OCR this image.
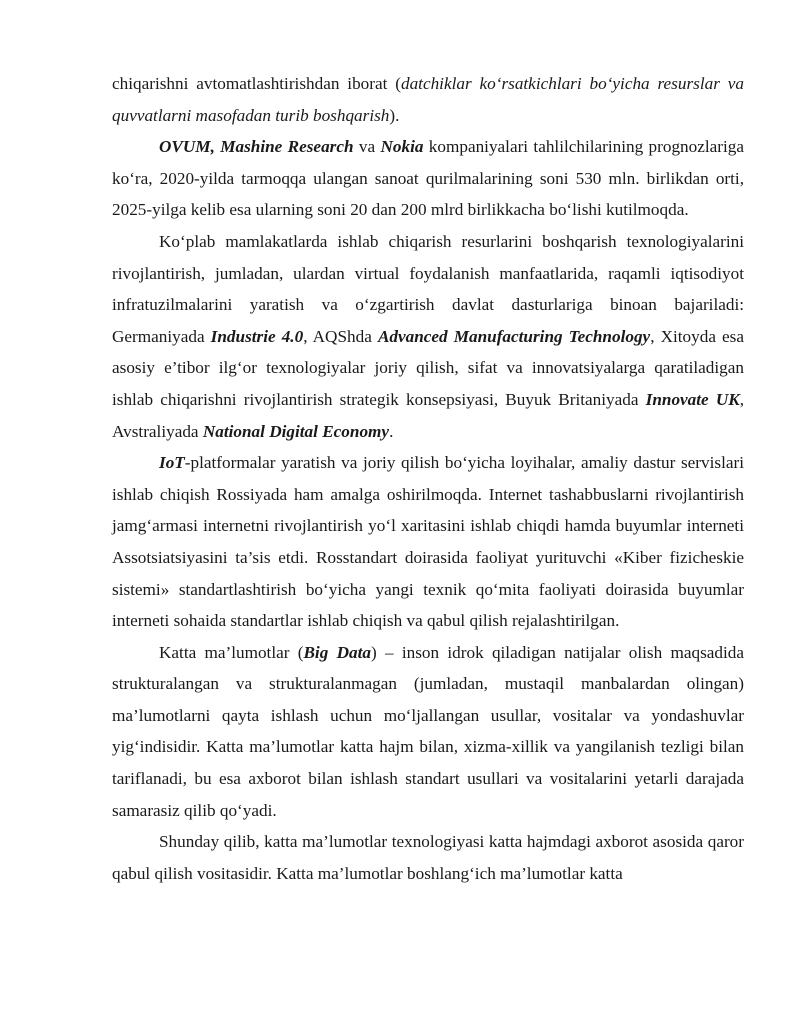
chiqarishni avtomatlashtirishdan iborat (datchiklar ko‘rsatkichlari bo‘yicha resurslar va quvvatlarni masofadan turib boshqarish).

OVUM, Mashine Research va Nokia kompaniyalari tahlilchilarining prognozlariga ko‘ra, 2020-yilda tarmoqqa ulangan sanoat qurilmalarining soni 530 mln. birlikdan orti, 2025-yilga kelib esa ularning soni 20 dan 200 mlrd birlikkacha bo‘lishi kutilmoqda.

Ko‘plab mamlakatlarda ishlab chiqarish resurlarini boshqarish texnologiyalarini rivojlantirish, jumladan, ulardan virtual foydalanish manfaatlarida, raqamli iqtisodiyot infratuzilmalarini yaratish va o‘zgartirish davlat dasturlariga binoan bajariladi: Germaniyada Industrie 4.0, AQShda Advanced Manufacturing Technology, Xitoyda esa asosiy e’tibor ilg‘or texnologiyalar joriy qilish, sifat va innovatsiyalarga qaratiladigan ishlab chiqarishni rivojlantirish strategik konsepsiyasi, Buyuk Britaniyada Innovate UK, Avstraliyada National Digital Economy.

IoT-platformalar yaratish va joriy qilish bo‘yicha loyihalar, amaliy dastur servislari ishlab chiqish Rossiyada ham amalga oshirilmoqda. Internet tashabbuslarni rivojlantirish jamg‘armasi internetni rivojlantirish yo‘l xaritasini ishlab chiqdi hamda buyumlar interneti Assotsiatsiyasini ta’sis etdi. Rosstandart doirasida faoliyat yurituvchi «Kiber fizicheskie sistemi» standartlashtirish bo‘yicha yangi texnik qo‘mita faoliyati doirasida buyumlar interneti sohaida standartlar ishlab chiqish va qabul qilish rejalashtirilgan.

Katta ma’lumotlar (Big Data) – inson idrok qiladigan natijalar olish maqsadida strukturalangan va strukturalanmagan (jumladan, mustaqil manbalardan olingan) ma’lumotlarni qayta ishlash uchun mo‘ljallangan usullar, vositalar va yondashuvlar yig‘indisidir. Katta ma’lumotlar katta hajm bilan, xizma-xillik va yangilanish tezligi bilan tariflanadi, bu esa axborot bilan ishlash standart usullari va vositalarini yetarli darajada samarasiz qilib qo‘yadi.

Shunday qilib, katta ma’lumotlar texnologiyasi katta hajmdagi axborot asosida qaror qabul qilish vositasidir. Katta ma’lumotlar boshlang‘ich ma’lumotlar katta
